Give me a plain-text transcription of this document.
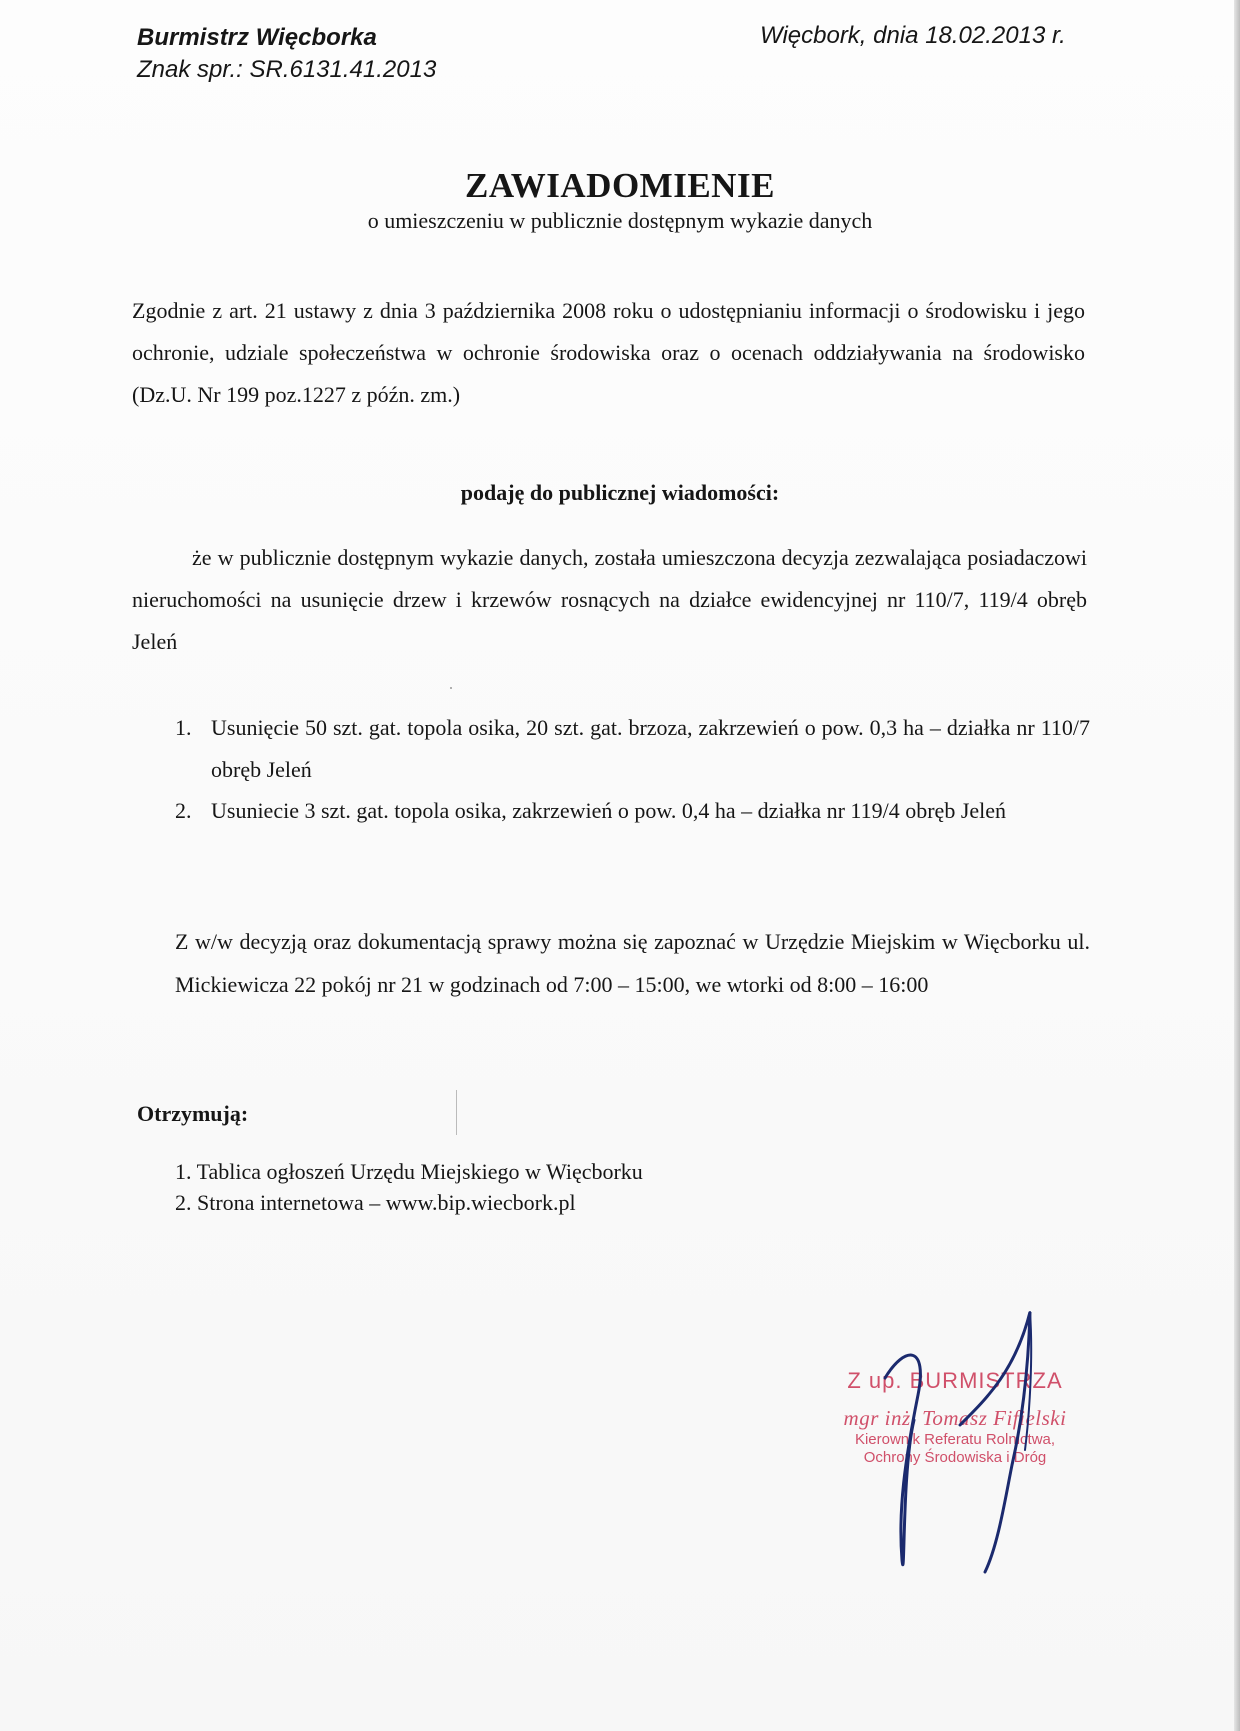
Burmistrz Więcborka
Znak spr.: SR.6131.41.2013
Więcbork, dnia 18.02.2013 r.
ZAWIADOMIENIE
o umieszczeniu w publicznie dostępnym wykazie danych
Zgodnie z art. 21 ustawy z dnia 3 października 2008 roku o udostępnianiu informacji o środowisku i jego ochronie, udziale społeczeństwa w ochronie środowiska oraz o ocenach oddziaływania na środowisko (Dz.U. Nr 199 poz.1227 z późn. zm.)
podaję do publicznej wiadomości:
że w publicznie dostępnym wykazie danych, została umieszczona decyzja zezwalająca posiadaczowi nieruchomości na usunięcie drzew i krzewów rosnących na działce ewidencyjnej nr 110/7, 119/4 obręb Jeleń
1. Usunięcie 50 szt. gat. topola osika, 20 szt. gat. brzoza, zakrzewień o pow. 0,3 ha – działka nr 110/7 obręb Jeleń
2. Usuniecie 3 szt. gat. topola osika, zakrzewień o pow. 0,4 ha – działka nr 119/4 obręb Jeleń
Z w/w decyzją oraz dokumentacją sprawy można się zapoznać w Urzędzie Miejskim w Więcborku ul. Mickiewicza 22 pokój nr 21 w godzinach od 7:00 – 15:00, we wtorki od 8:00 – 16:00
Otrzymują:
1. Tablica ogłoszeń Urzędu Miejskiego w Więcborku
2. Strona internetowa – www.bip.wiecbork.pl
Z up. BURMISTRZA
mgr inż. Tomasz Fifielski
Kierownik Referatu Rolnictwa,
Ochrony Środowiska i Dróg
